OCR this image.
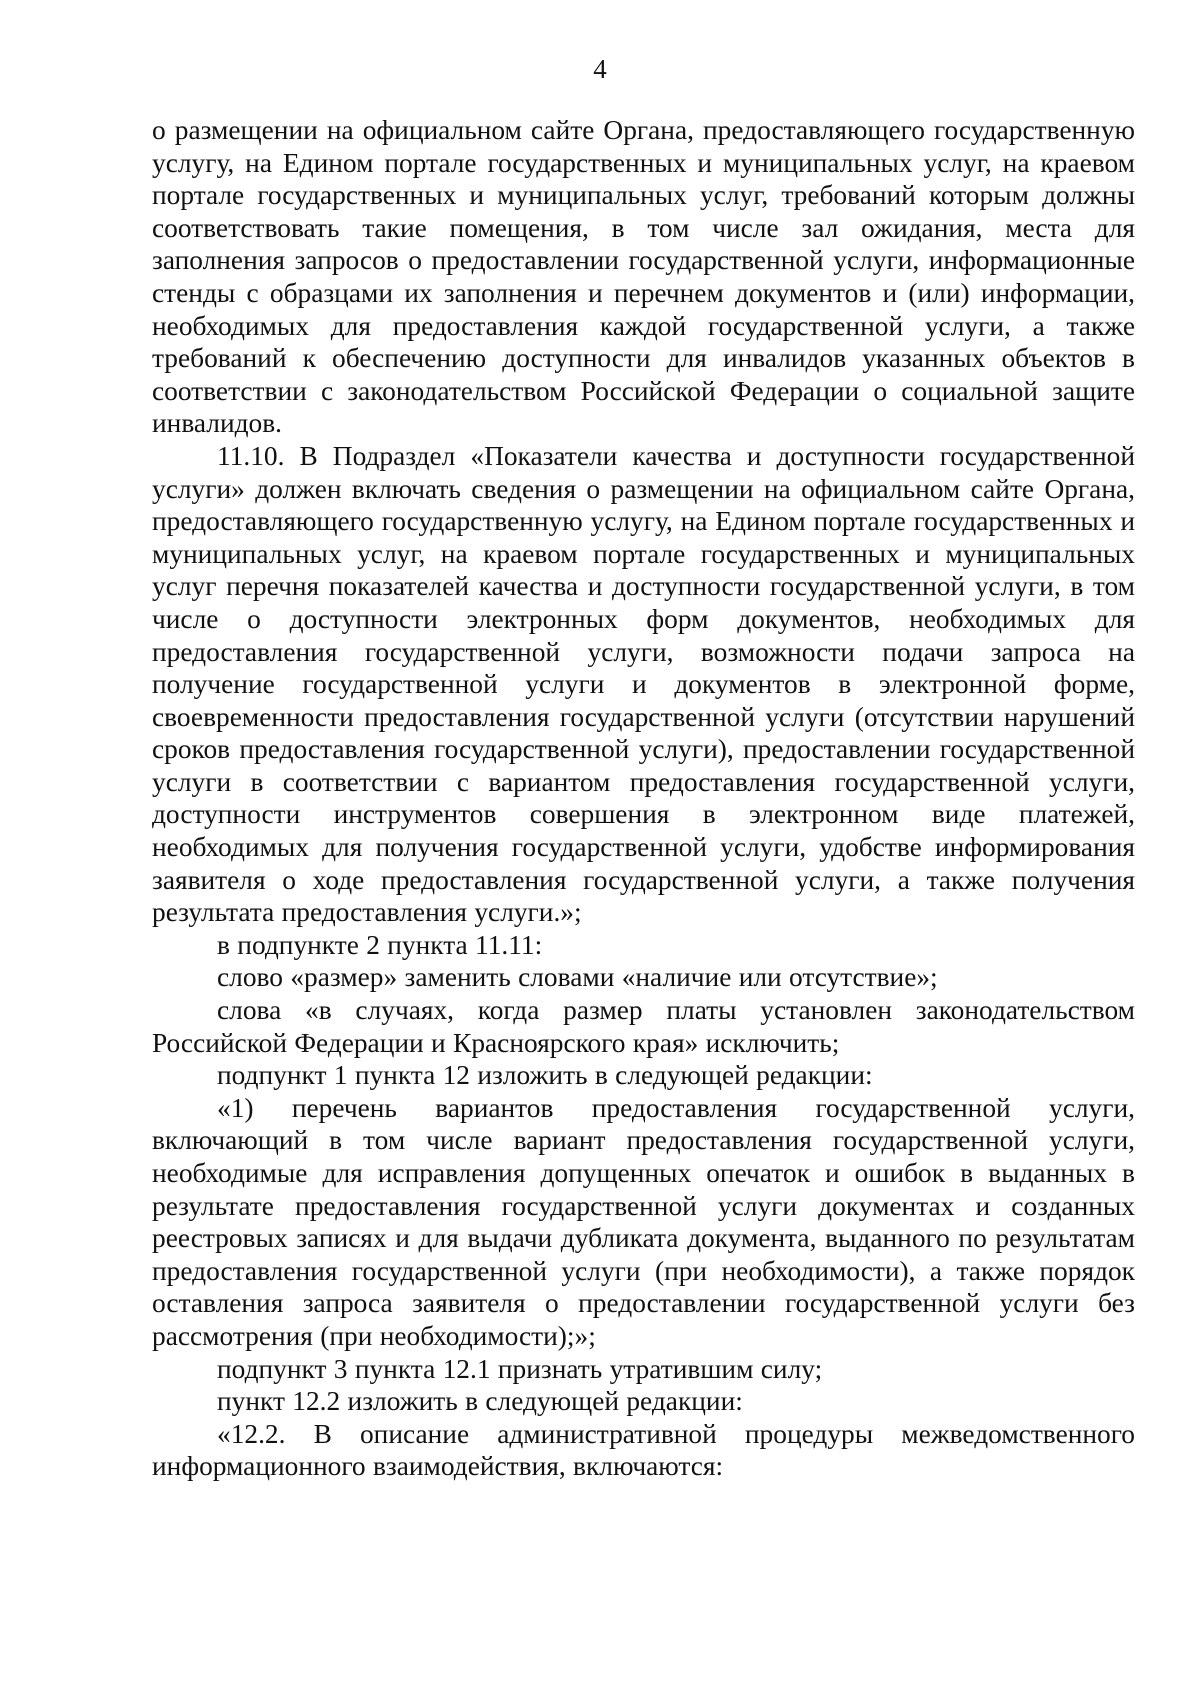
4

о размещении на официальном сайте Органа, предоставляющего государственную услугу, на Едином портале государственных и муниципальных услуг, на краевом портале государственных и муниципальных услуг, требований которым должны соответствовать такие помещения, в том числе зал ожидания, места для заполнения запросов о предоставлении государственной услуги, информационные стенды с образцами их заполнения и перечнем документов и (или) информации, необходимых для предоставления каждой государственной услуги, а также требований к обеспечению доступности для инвалидов указанных объектов в соответствии с законодательством Российской Федерации о социальной защите инвалидов.

11.10. В Подраздел «Показатели качества и доступности государственной услуги» должен включать сведения о размещении на официальном сайте Органа, предоставляющего государственную услугу, на Едином портале государственных и муниципальных услуг, на краевом портале государственных и муниципальных услуг перечня показателей качества и доступности государственной услуги, в том числе о доступности электронных форм документов, необходимых для предоставления государственной услуги, возможности подачи запроса на получение государственной услуги и документов в электронной форме, своевременности предоставления государственной услуги (отсутствии нарушений сроков предоставления государственной услуги), предоставлении государственной услуги в соответствии с вариантом предоставления государственной услуги, доступности инструментов совершения в электронном виде платежей, необходимых для получения государственной услуги, удобстве информирования заявителя о ходе предоставления государственной услуги, а также получения результата предоставления услуги.»;

в подпункте 2 пункта 11.11:

слово «размер» заменить словами «наличие или отсутствие»;

слова «в случаях, когда размер платы установлен законодательством Российской Федерации и Красноярского края» исключить;

подпункт 1 пункта 12 изложить в следующей редакции:

«1) перечень вариантов предоставления государственной услуги, включающий в том числе вариант предоставления государственной услуги, необходимые для исправления допущенных опечаток и ошибок в выданных в результате предоставления государственной услуги документах и созданных реестровых записях и для выдачи дубликата документа, выданного по результатам предоставления государственной услуги (при необходимости), а также порядок оставления запроса заявителя о предоставлении государственной услуги без рассмотрения (при необходимости);»;

подпункт 3 пункта 12.1 признать утратившим силу;

пункт 12.2 изложить в следующей редакции:

«12.2. В описание административной процедуры межведомственного информационного взаимодействия, включаются:
